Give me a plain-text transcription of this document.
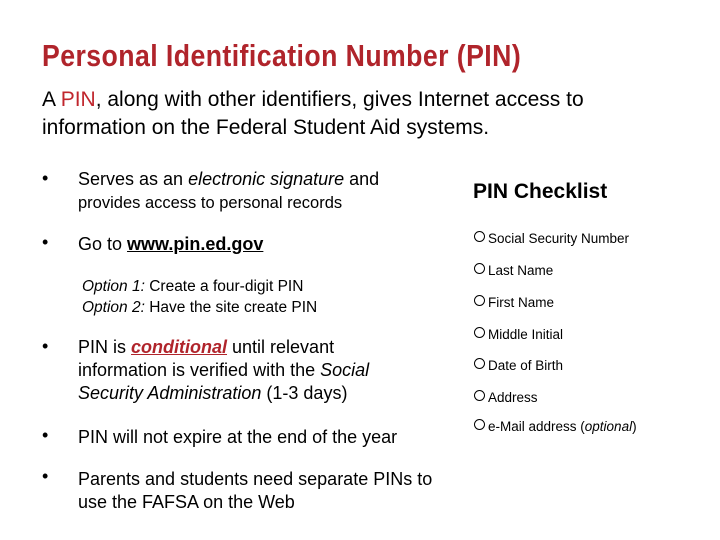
Personal Identification Number (PIN)
A PIN, along with other identifiers, gives Internet access to information on the Federal Student Aid systems.
• Serves as an electronic signature and
provides access to personal records
• Go to www.pin.ed.gov
Option 1: Create a four-digit PIN
Option 2: Have the site create PIN
• PIN is conditional until relevant information is verified with the Social Security Administration (1-3 days)
• PIN will not expire at the end of the year
• Parents and students need separate PINs to use the FAFSA on the Web
PIN Checklist
Social Security Number
Last Name
First Name
Middle Initial
Date of Birth
Address
e-Mail address (optional)
